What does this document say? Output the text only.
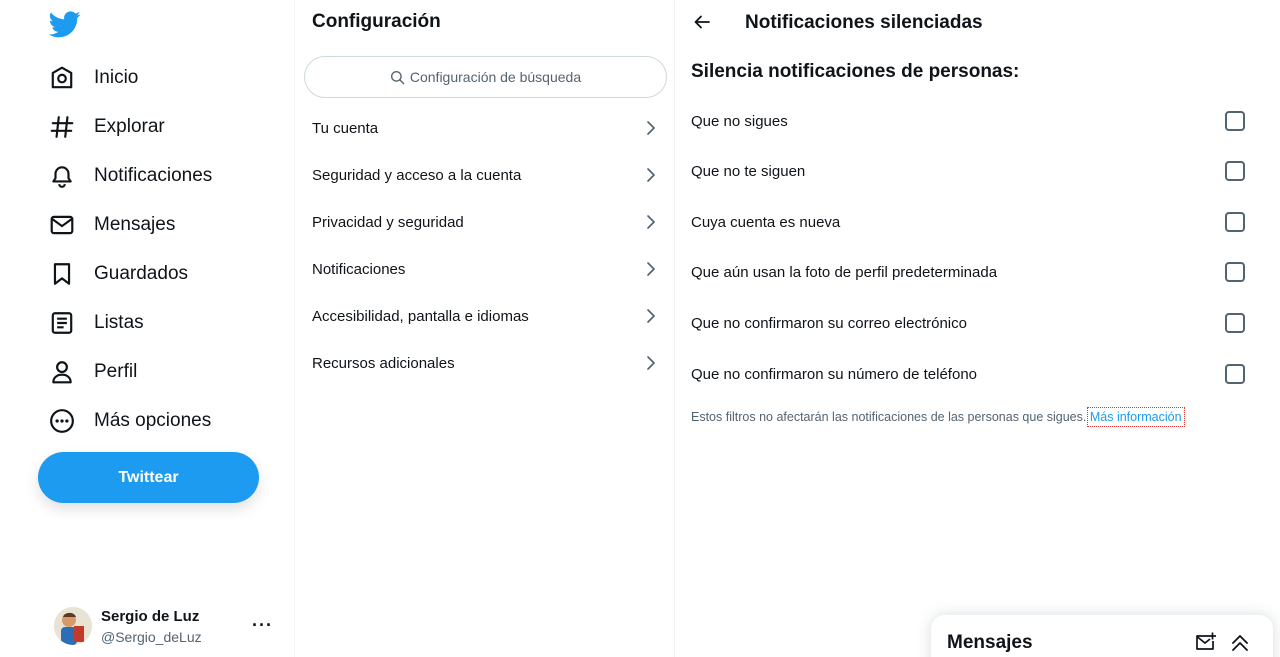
Inicio
Explorar
Notificaciones
Mensajes
Guardados
Listas
Perfil
Más opciones
Twittear
Sergio de Luz
@Sergio_deLuz
···
Configuración
Configuración de búsqueda
Tu cuenta
Seguridad y acceso a la cuenta
Privacidad y seguridad
Notificaciones
Accesibilidad, pantalla e idiomas
Recursos adicionales
Notificaciones silenciadas
Silencia notificaciones de personas:
Que no sigues
Que no te siguen
Cuya cuenta es nueva
Que aún usan la foto de perfil predeterminada
Que no confirmaron su correo electrónico
Que no confirmaron su número de teléfono
Estos filtros no afectarán las notificaciones de las personas que sigues. Más información
Mensajes
